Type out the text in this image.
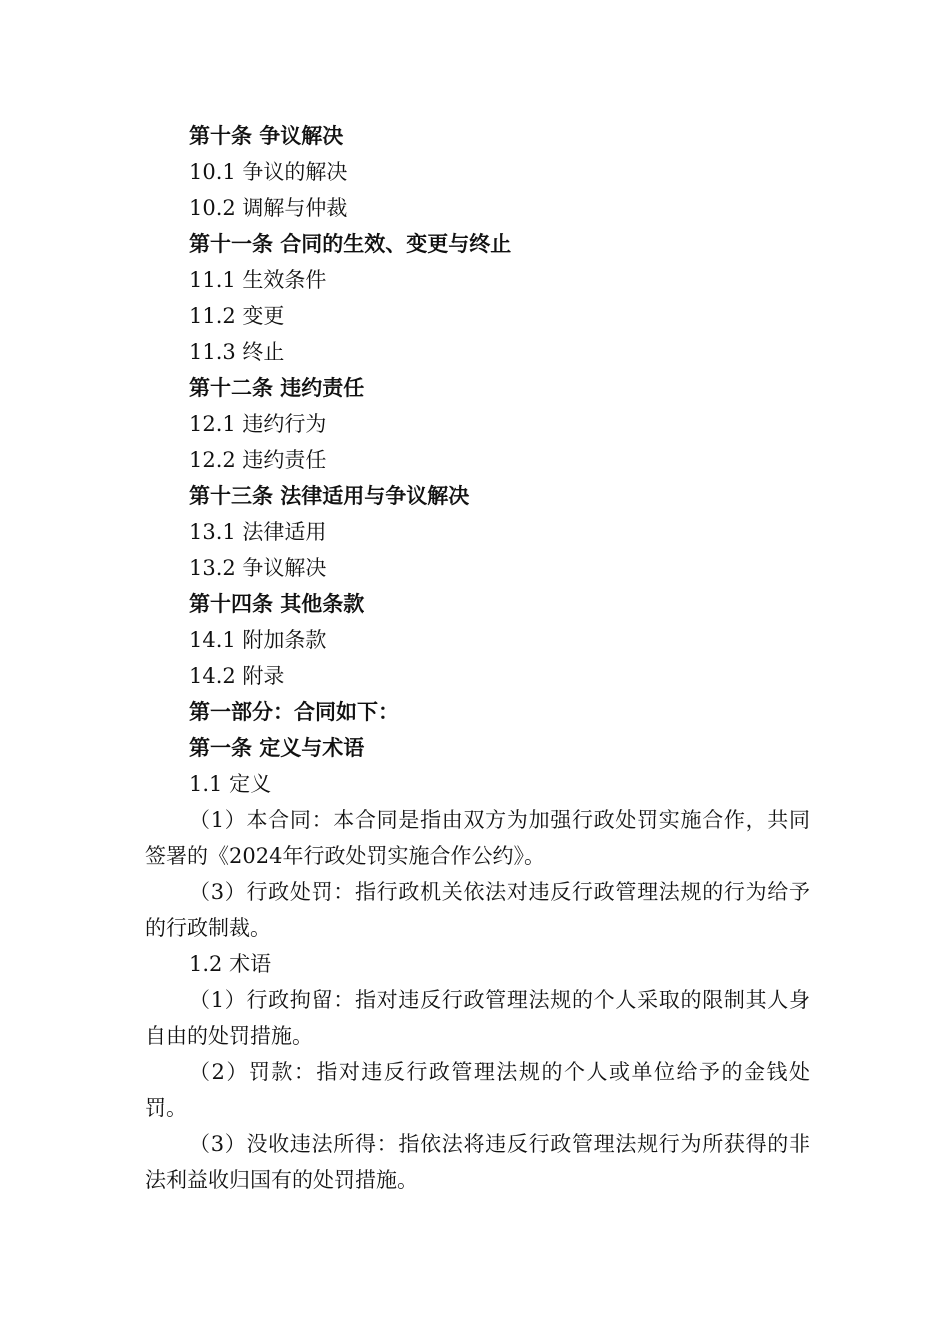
第十条 争议解决
10.1 争议的解决
10.2 调解与仲裁
第十一条 合同的生效、变更与终止
11.1 生效条件
11.2 变更
11.3 终止
第十二条 违约责任
12.1 违约行为
12.2 违约责任
第十三条 法律适用与争议解决
13.1 法律适用
13.2 争议解决
第十四条 其他条款
14.1 附加条款
14.2 附录
第一部分：合同如下：
第一条 定义与术语
1.1 定义

（1）本合同：本合同是指由双方为加强行政处罚实施合作，共同签署的《2024年行政处罚实施合作公约》。

（3）行政处罚：指行政机关依法对违反行政管理法规的行为给予的行政制裁。

1.2 术语

（1）行政拘留：指对违反行政管理法规的个人采取的限制其人身自由的处罚措施。

（2）罚款：指对违反行政管理法规的个人或单位给予的金钱处罚。

（3）没收违法所得：指依法将违反行政管理法规行为所获得的非法利益收归国有的处罚措施。
